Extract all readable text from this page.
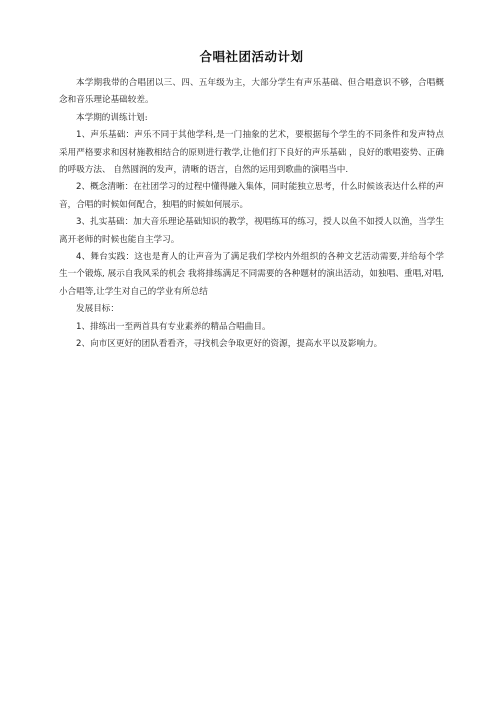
合唱社团活动计划

本学期我带的合唱团以三、四、五年级为主，大部分学生有声乐基础、但合唱意识不够，合唱概念和音乐理论基础较差。

本学期的训练计划:

1、声乐基础：声乐不同于其他学科,是一门抽象的艺术，要根据每个学生的不同条件和发声特点采用严格要求和因材施教相结合的原则进行教学,让他们打下良好的声乐基础 ，良好的歌唱姿势、正确的呼吸方法、 自然圆润的发声，清晰的语言，自然的运用到歌曲的演唱当中.

2、概念清晰：在社团学习的过程中懂得融入集体，同时能独立思考，什么时候该表达什么样的声音，合唱的时候如何配合，独唱的时候如何展示。

3、扎实基础：加大音乐理论基础知识的教学，视唱练耳的练习，授人以鱼不如授人以渔，当学生离开老师的时候也能自主学习。

4、舞台实践：这也是育人的让声音为了满足我们学校内外组织的各种文艺活动需要,并给每个学生一个锻炼, 展示自我风采的机会 我将排练满足不同需要的各种题材的演出活动，如独唱、重唱,对唱,小合唱等,让学生对自己的学业有所总结

发展目标：

1、排练出一至两首具有专业素养的精品合唱曲目。

2、向市区更好的团队看看齐，寻找机会争取更好的资源，提高水平以及影响力。
